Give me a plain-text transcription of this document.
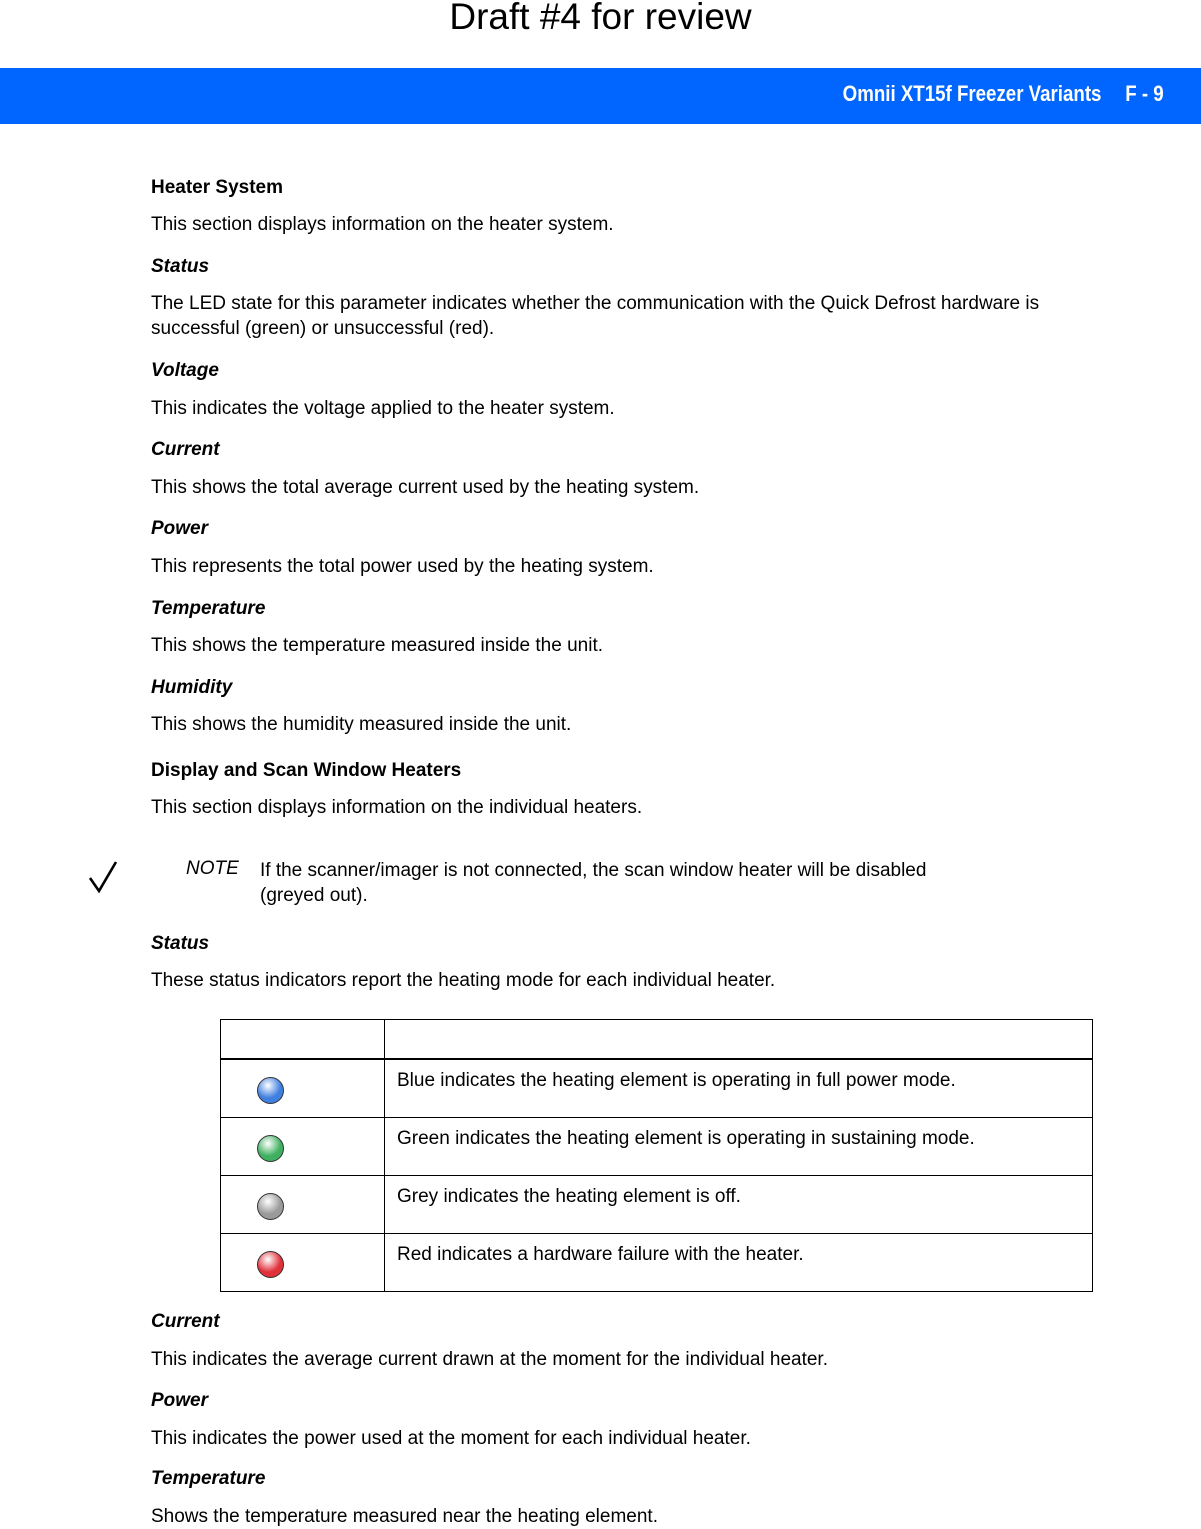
Draft #4 for review
Omnii XT15f Freezer Variants F - 9
Heater System
This section displays information on the heater system.
Status
The LED state for this parameter indicates whether the communication with the Quick Defrost hardware is
successful (green) or unsuccessful (red).
Voltage
This indicates the voltage applied to the heater system.
Current
This shows the total average current used by the heating system.
Power
This represents the total power used by the heating system.
Temperature
This shows the temperature measured inside the unit.
Humidity
This shows the humidity measured inside the unit.
Display and Scan Window Heaters
This section displays information on the individual heaters.
NOTE If the scanner/imager is not connected, the scan window heater will be disabled
(greyed out).
Status
These status indicators report the heating mode for each individual heater.

	Blue indicates the heating element is operating in full power mode.

	Green indicates the heating element is operating in sustaining mode.

	Grey indicates the heating element is off.

	Red indicates a hardware failure with the heater.
Current
This indicates the average current drawn at the moment for the individual heater.
Power
This indicates the power used at the moment for each individual heater.
Temperature
Shows the temperature measured near the heating element.
